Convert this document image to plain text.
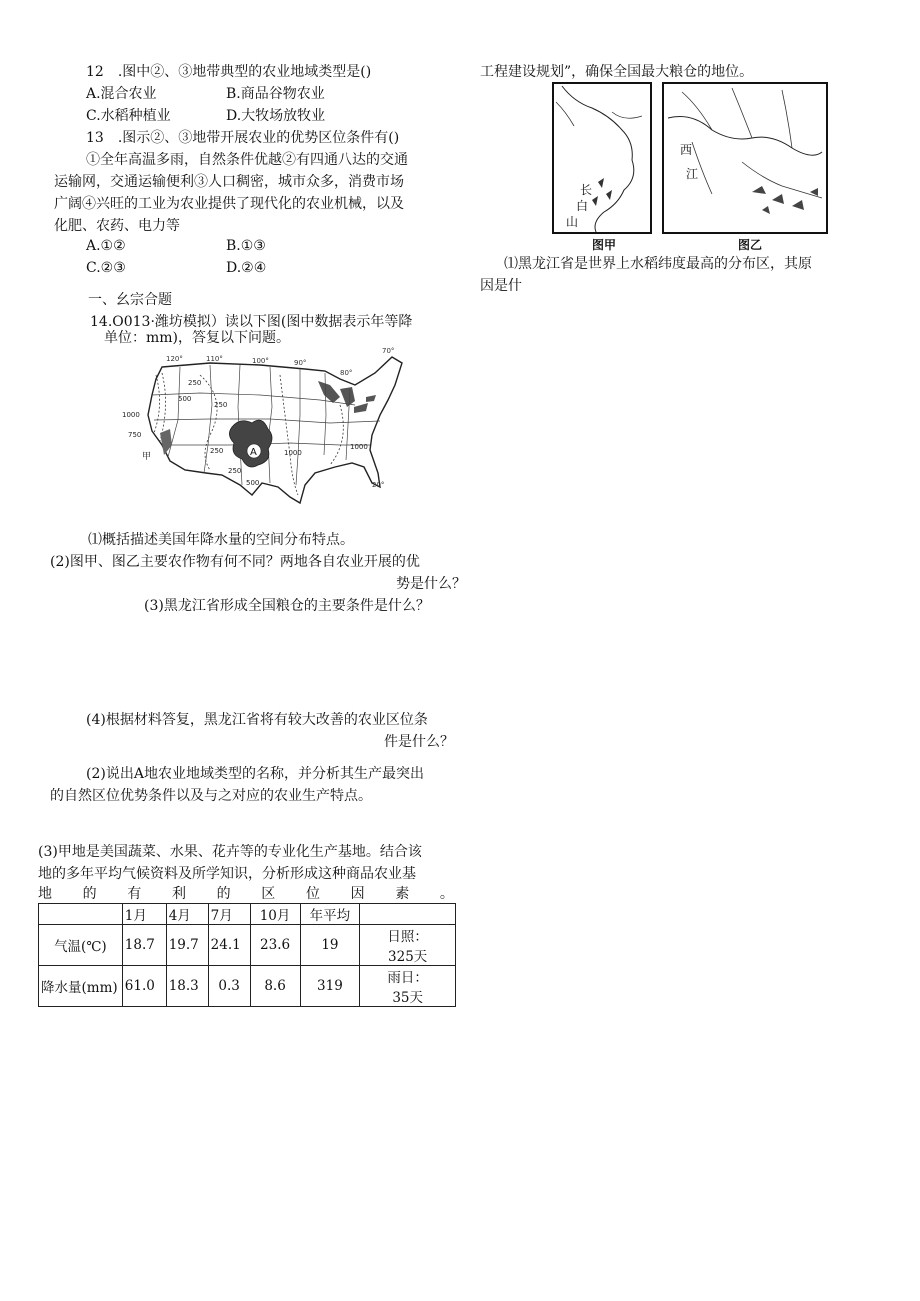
12　.图中②、③地带典型的农业地域类型是()
A.混合农业	B.商品谷物农业
C.水稻种植业	D.大牧场放牧业
13　.图示②、③地带开展农业的优势区位条件有()
①全年高温多雨，自然条件优越②有四通八达的交通
运输网，交通运输便利③人口稠密，城市众多，消费市场
广阔④兴旺的工业为农业提供了现代化的农业机械，以及
化肥、农药、电力等
A.①②	B.①③
C.②③	D.②④
一、幺宗合题
14.O013·潍坊模拟）读以下图(图中数据表示年等降
单位：mm)，答复以下问题。
120°	110°	100°	90°
80°
70°
20°
250
250
500
1000
750
1000
500
250
250	1000
A
甲
⑴概括描述美国年降水量的空间分布特点。
(2)图甲、图乙主要农作物有何不同？两地各自农业开展的优
势是什么？
(3)黑龙江省形成全国粮仓的主要条件是什么？
(4)根据材料答复，黑龙江省将有较大改善的农业区位条
件是什么？
(2)说出A地农业地域类型的名称，并分析其生产最突出
的自然区位优势条件以及与之对应的农业生产特点。
(3)甲地是美国蔬菜、水果、花卉等的专业化生产基地。结合该
地的多年平均气候资料及所学知识，分析形成这种商品农业基
地 的 有 利 的 区 位 因 素 。
	1月	4月	7月	10月	年平均	
气温(℃)	18.7	19.7	24.1	23.6	19	日照：
325天
降水量(mm)	61.0	18.3	0.3	8.6	319	雨日：
35天
工程建设规划”，确保全国最大粮仓的地位。
长
白
山
图甲
西
江
图乙
⑴黑龙江省是世界上水稻纬度最高的分布区，其原
因是什
